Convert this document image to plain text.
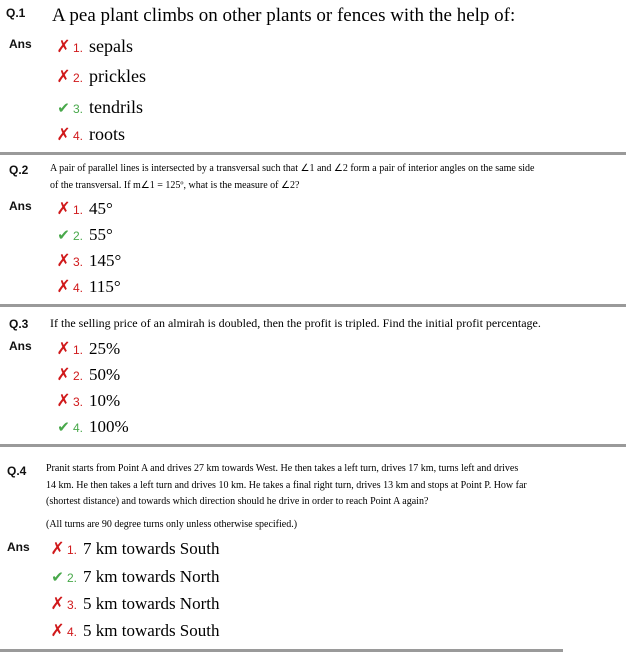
Q.1 A pea plant climbs on other plants or fences with the help of:
Ans ✗ 1. sepals
✗ 2. prickles
✔ 3. tendrils
✗ 4. roots
Q.2 A pair of parallel lines is intersected by a transversal such that ∠1 and ∠2 form a pair of interior angles on the same side
of the transversal. If m∠1 = 125º, what is the measure of ∠2?
Ans ✗ 1. 45°
✔ 2. 55°
✗ 3. 145°
✗ 4. 115°
Q.3 If the selling price of an almirah is doubled, then the profit is tripled. Find the initial profit percentage.
Ans ✗ 1. 25%
✗ 2. 50%
✗ 3. 10%
✔ 4. 100%
Q.4 Pranit starts from Point A and drives 27 km towards West. He then takes a left turn, drives 17 km, turns left and drives
14 km. He then takes a left turn and drives 10 km. He takes a final right turn, drives 13 km and stops at Point P. How far
(shortest distance) and towards which direction should he drive in order to reach Point A again?
(All turns are 90 degree turns only unless otherwise specified.)
Ans ✗ 1. 7 km towards South
✔ 2. 7 km towards North
✗ 3. 5 km towards North
✗ 4. 5 km towards South
